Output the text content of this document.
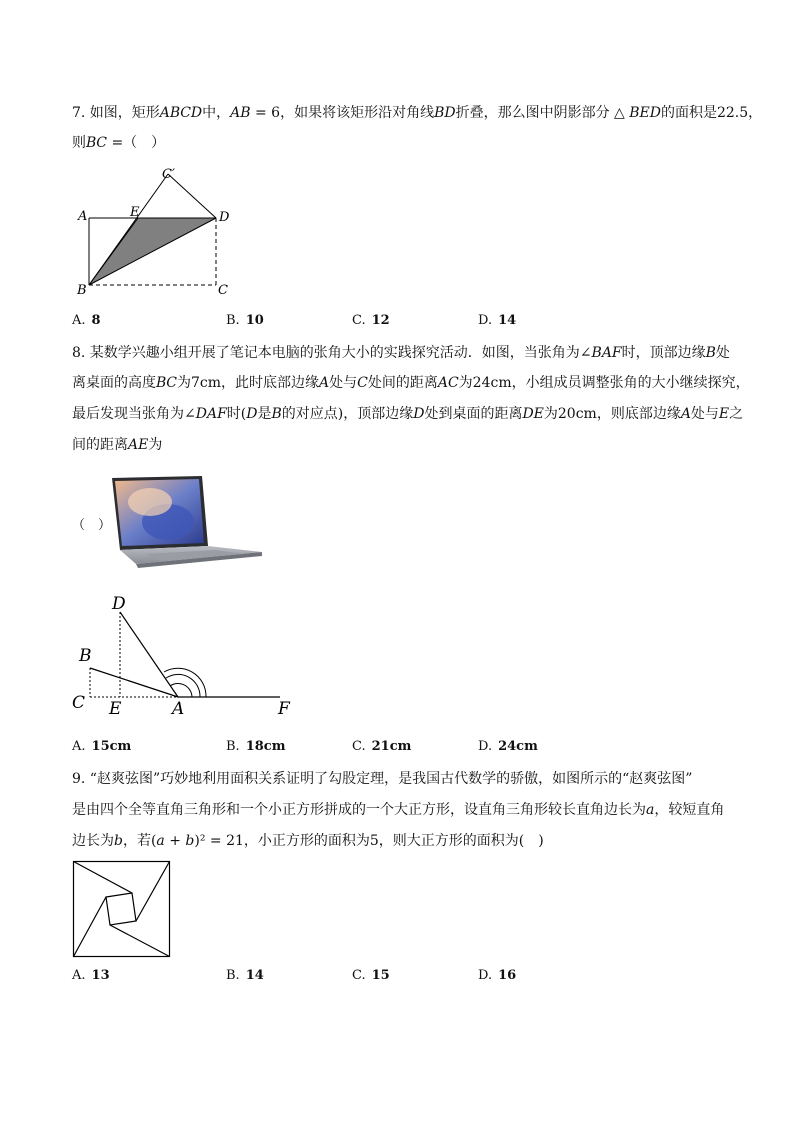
7. 如图，矩形𝐴𝐵𝐶𝐷中，𝐴𝐵 = 6，如果将该矩形沿对角线𝐵𝐷折叠，那么图中阴影部分 △ 𝐵𝐸𝐷的面积是22.5，
则𝐵𝐶 =（　）
C′
A	E	D
B	C
A. 8	B. 10	C. 12	D. 14
8. 某数学兴趣小组开展了笔记本电脑的张角大小的实践探究活动．如图，当张角为∠𝐵𝐴𝐹时，顶部边缘𝐵处
离桌面的高度𝐵𝐶为7cm，此时底部边缘𝐴处与𝐶处间的距离𝐴𝐶为24cm，小组成员调整张角的大小继续探究，
最后发现当张角为∠𝐷𝐴𝐹时(𝐷是𝐵的对应点)，顶部边缘𝐷处到桌面的距离𝐷𝐸为20cm，则底部边缘𝐴处与𝐸之
间的距离𝐴𝐸为
（　）
D
B
C E	A	F
A. 15cm	B. 18cm	C. 21cm	D. 24cm
9. “赵爽弦图”巧妙地利用面积关系证明了勾股定理，是我国古代数学的骄傲，如图所示的“赵爽弦图”
是由四个全等直角三角形和一个小正方形拼成的一个大正方形，设直角三角形较长直角边长为𝑎，较短直角
边长为𝑏，若(𝑎 + 𝑏)² = 21，小正方形的面积为5，则大正方形的面积为(　)
A. 13	B. 14	C. 15	D. 16
